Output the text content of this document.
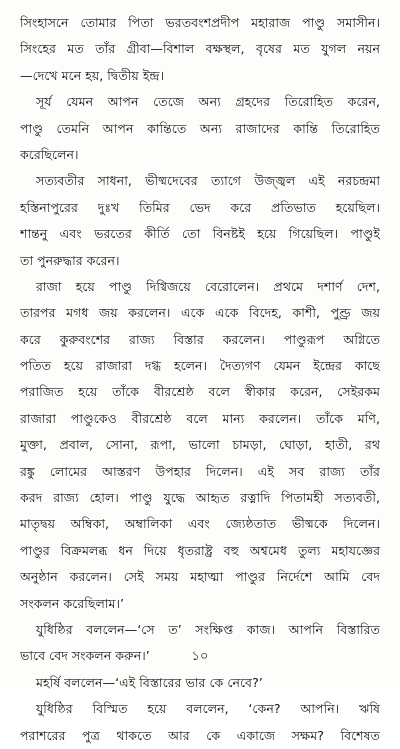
সিংহাসনে তোমার পিতা ভরতবংশপ্রদীপ মহারাজ পাণ্ডু সমাসীন।
সিংহের মত তাঁর গ্রীবা—বিশাল বক্ষস্থল, বৃষের মত যুগল নয়ন
—দেখে মনে হয়, দ্বিতীয় ইন্দ্র।
সূর্য যেমন আপন তেজে অন্য গ্রহদের তিরোহিত করেন,
পাণ্ডু তেমনি আপন কান্তিতে অন্য রাজাদের কান্তি তিরোহিত
করেছিলেন।
সত্যবতীর সাধনা, ভীষ্মদেবের ত্যাগে উজ্জ্বল এই নরচন্দ্রমা
হস্তিনাপুরের দুঃখ তিমির ভেদ করে প্রতিভাত হয়েছিল।
শান্তনু এবং ভরতের কীর্তি তো বিনষ্টই হয়ে গিয়েছিল। পাণ্ডুই
তা পুনরুদ্ধার করেন।
রাজা হয়ে পাণ্ডু দিগ্বিজয়ে বেরোলেন। প্রথমে দশার্ণ দেশ,
তারপর মগধ জয় করলেন। একে একে বিদেহ, কাশী, পুণ্ড্র জয়
করে কুরুবংশের রাজ্য বিস্তার করলেন। পাণ্ডুরূপ অগ্নিতে
পতিত হয়ে রাজারা দগ্ধ হলেন। দৈত্যগণ যেমন ইন্দ্রের কাছে
পরাজিত হয়ে তাঁকে বীরশ্রেষ্ঠ বলে স্বীকার করেন, সেইরকম
রাজারা পাণ্ডুকেও বীরশ্রেষ্ঠ বলে মান্য করলেন। তাঁকে মণি,
মুক্তা, প্রবাল, সোনা, রূপা, ভালো চামড়া, ঘোড়া, হাতী, রথ
রঙ্কু লোমের আস্তরণ উপহার দিলেন। এই সব রাজ্য তাঁর
করদ রাজ্য হোল। পাণ্ডু যুদ্ধে আহৃত রত্নাদি পিতামহী সত্যবতী,
মাতৃদ্বয় অম্বিকা, অম্বালিকা এবং জ্যেষ্ঠতাত ভীষ্মকে দিলেন।
পাণ্ডুর বিক্রমলব্ধ ধন দিয়ে ধৃতরাষ্ট্র বহু অশ্বমেধ তুল্য মহাযজ্ঞের
অনুষ্ঠান করলেন। সেই সময় মহাত্মা পাণ্ডুর নির্দেশে আমি বেদ
সংকলন করেছিলাম।’
যুধিষ্ঠির বললেন—‘সে ত’ সংক্ষিপ্ত কাজ। আপনি বিস্তারিত
ভাবে বেদ সংকলন করুন।’
মহর্ষি বললেন—‘এই বিস্তারের ভার কে নেবে?’
যুধিষ্ঠির বিস্মিত হয়ে বললেন, ‘কেন? আপনি। ঋষি
পরাশরের পুত্র থাকতে আর কে একাজে সক্ষম? বিশেষত
১০
